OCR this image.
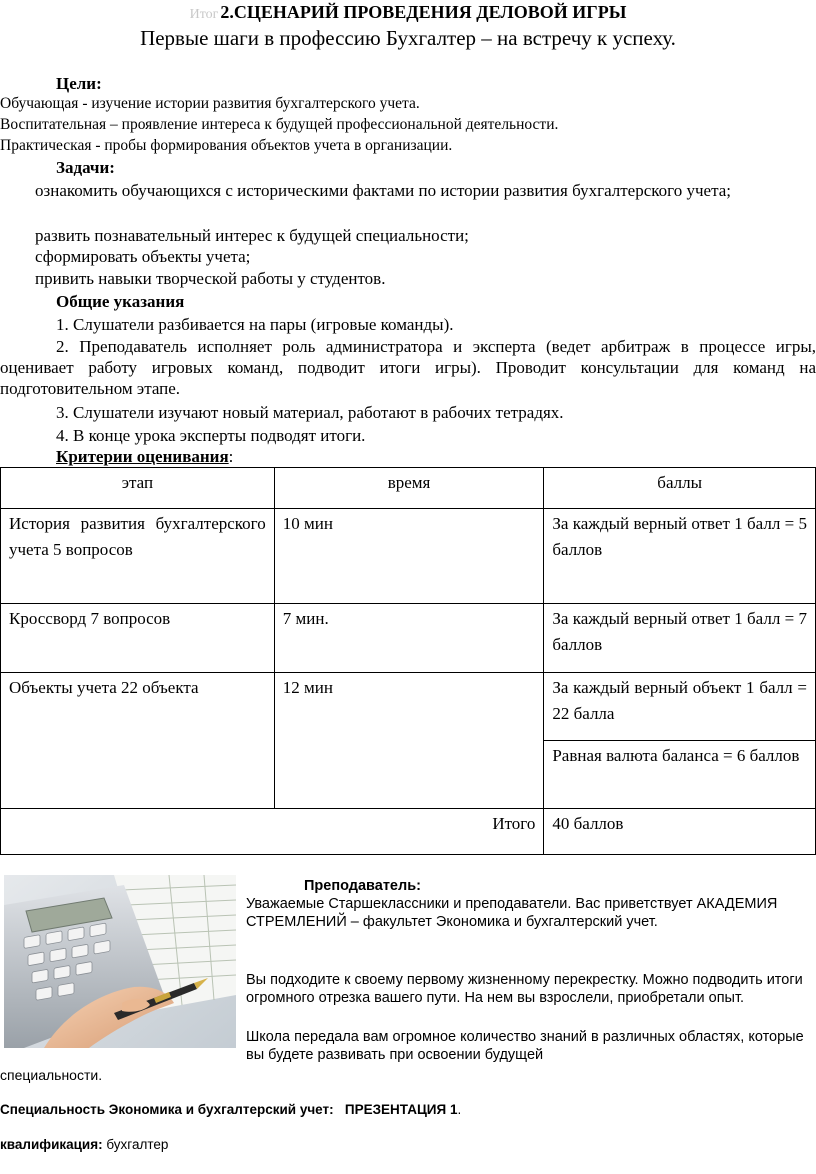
Итог 2.СЦЕНАРИЙ ПРОВЕДЕНИЯ ДЕЛОВОЙ ИГРЫ
Первые шаги в профессию Бухгалтер – на встречу к успеху.
Цели:
Обучающая - изучение истории развития бухгалтерского учета.
Воспитательная – проявление интереса к будущей профессиональной деятельности.
Практическая - пробы формирования объектов учета в организации.
Задачи:
ознакомить обучающихся с историческими фактами по истории развития бухгалтерского учета;
развить познавательный интерес к будущей специальности;
сформировать объекты учета;
привить навыки творческой работы у студентов.
Общие указания
1. Слушатели разбивается на пары (игровые команды).
2. Преподаватель исполняет роль администратора и эксперта (ведет арбитраж в процессе игры, оценивает работу игровых команд, подводит итоги игры). Проводит консультации для команд на подготовительном этапе.
3. Слушатели изучают новый материал, работают в рабочих тетрадях.
4. В конце урока эксперты подводят итоги.
Критерии оценивания:
этап	время	баллы
История развития бухгалтерского учета 5 вопросов	10 мин	За каждый верный ответ 1 балл = 5 баллов
Кроссворд 7 вопросов	7 мин.	За каждый верный ответ 1 балл = 7 баллов
Объекты учета 22 объекта	12 мин	За каждый верный объект 1 балл = 22 балла
		Равная валюта баланса = 6 баллов
Итого		40 баллов
Преподаватель:
Уважаемые Старшеклассники и преподаватели. Вас приветствует АКАДЕМИЯ СТРЕМЛЕНИЙ – факультет Экономика и бухгалтерский учет.
Вы подходите к своему первому жизненному перекрестку. Можно подводить итоги огромного отрезка вашего пути. На нем вы взрослели, приобретали опыт.
Школа передала вам огромное количество знаний в различных областях, которые вы будете развивать при освоении будущей
специальности.
Специальность Экономика и бухгалтерский учет: ПРЕЗЕНТАЦИЯ 1.
квалификация: бухгалтер
